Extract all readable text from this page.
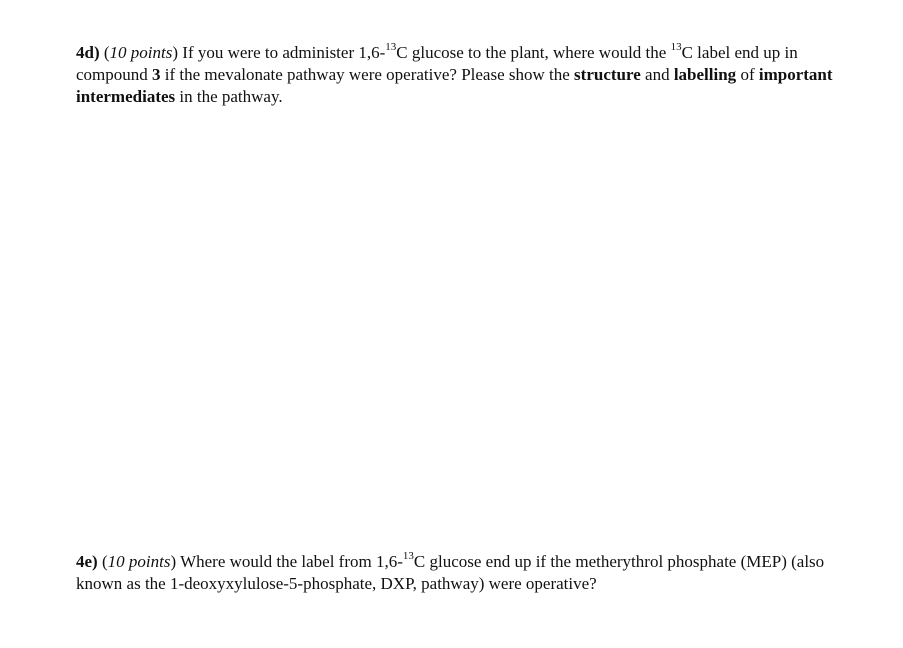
4d) (10 points) If you were to administer 1,6-$^{13}$C glucose to the plant, where would the $^{13}$C label end up in compound 3 if the mevalonate pathway were operative? Please show the structure and labelling of important intermediates in the pathway.

4e) (10 points) Where would the label from 1,6-$^{13}$C glucose end up if the metherythrol phosphate (MEP) (also known as the 1-deoxyxylulose-5-phosphate, DXP, pathway) were operative?
